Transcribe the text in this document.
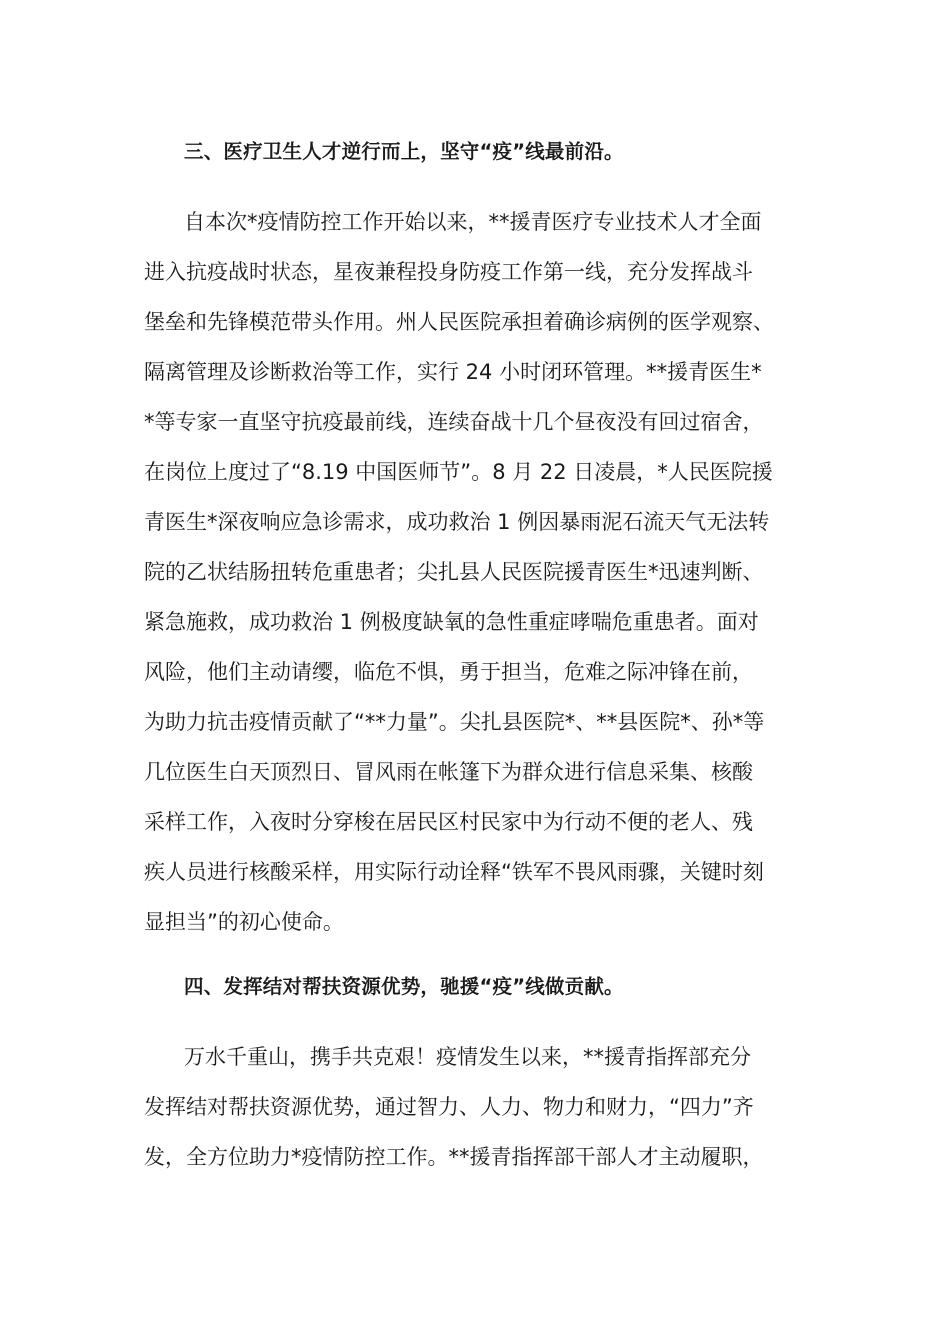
三、医疗卫生人才逆行而上，坚守“疫”线最前沿。

自本次*疫情防控工作开始以来，**援青医疗专业技术人才全面
进入抗疫战时状态，星夜兼程投身防疫工作第一线，充分发挥战斗
堡垒和先锋模范带头作用。州人民医院承担着确诊病例的医学观察、
隔离管理及诊断救治等工作，实行 24 小时闭环管理。**援青医生*
*等专家一直坚守抗疫最前线，连续奋战十几个昼夜没有回过宿舍，
在岗位上度过了“8.19 中国医师节”。8 月 22 日凌晨，*人民医院援
青医生*深夜响应急诊需求，成功救治 1 例因暴雨泥石流天气无法转
院的乙状结肠扭转危重患者；尖扎县人民医院援青医生*迅速判断、
紧急施救，成功救治 1 例极度缺氧的急性重症哮喘危重患者。面对
风险，他们主动请缨，临危不惧，勇于担当，危难之际冲锋在前，
为助力抗击疫情贡献了“**力量”。尖扎县医院*、**县医院*、孙*等
几位医生白天顶烈日、冒风雨在帐篷下为群众进行信息采集、核酸
采样工作，入夜时分穿梭在居民区村民家中为行动不便的老人、残
疾人员进行核酸采样，用实际行动诠释“铁军不畏风雨骤，关键时刻
显担当”的初心使命。

四、发挥结对帮扶资源优势，驰援“疫”线做贡献。

万水千重山，携手共克艰！疫情发生以来，**援青指挥部充分
发挥结对帮扶资源优势，通过智力、人力、物力和财力，“四力”齐
发，全方位助力*疫情防控工作。**援青指挥部干部人才主动履职，
